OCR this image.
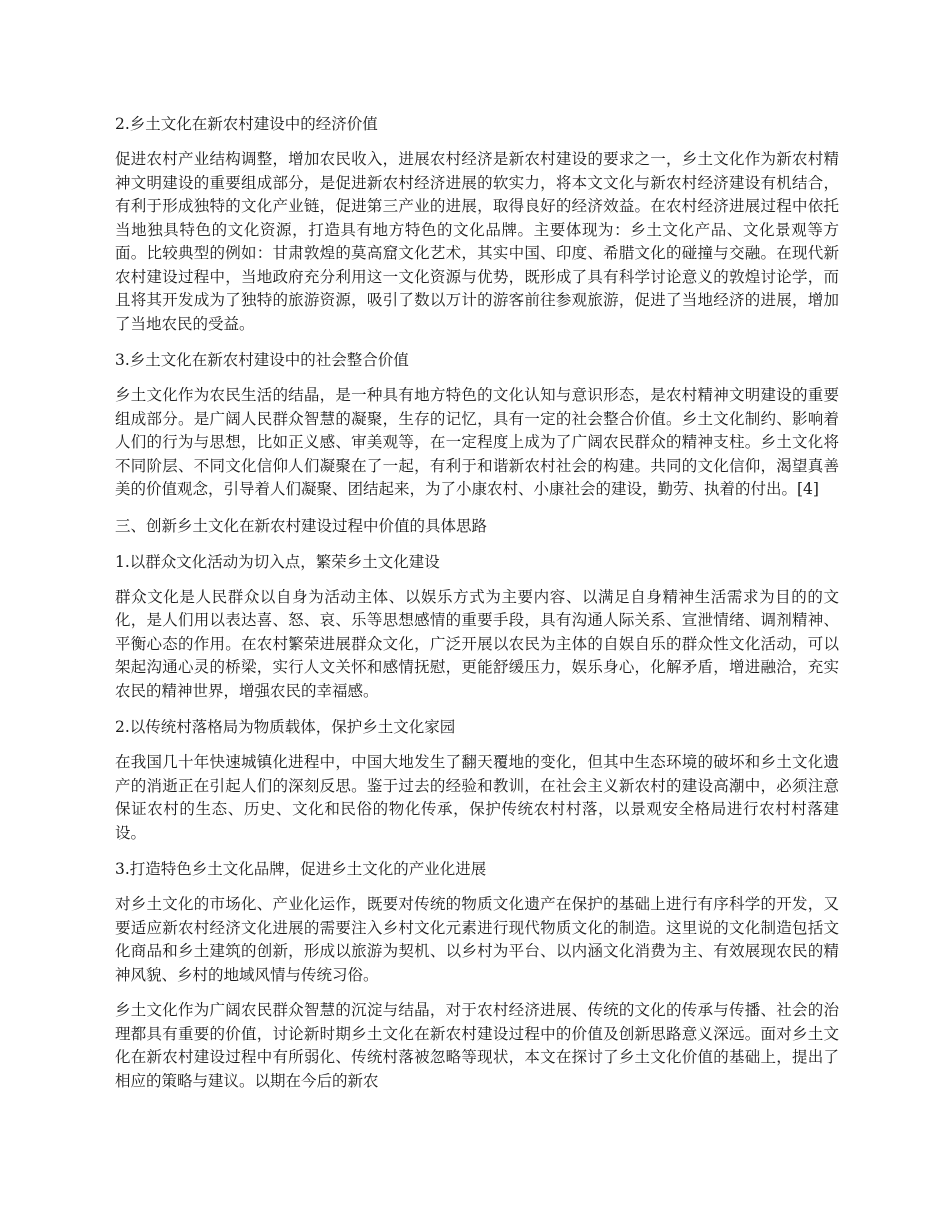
2.乡土文化在新农村建设中的经济价值
促进农村产业结构调整，增加农民收入，进展农村经济是新农村建设的要求之一，乡土文化作为新农村精神文明建设的重要组成部分，是促进新农村经济进展的软实力，将本文文化与新农村经济建设有机结合，有利于形成独特的文化产业链，促进第三产业的进展，取得良好的经济效益。在农村经济进展过程中依托当地独具特色的文化资源，打造具有地方特色的文化品牌。主要体现为：乡土文化产品、文化景观等方面。比较典型的例如：甘肃敦煌的莫高窟文化艺术，其实中国、印度、希腊文化的碰撞与交融。在现代新农村建设过程中，当地政府充分利用这一文化资源与优势，既形成了具有科学讨论意义的敦煌讨论学，而且将其开发成为了独特的旅游资源，吸引了数以万计的游客前往参观旅游，促进了当地经济的进展，增加了当地农民的受益。
3.乡土文化在新农村建设中的社会整合价值
乡土文化作为农民生活的结晶，是一种具有地方特色的文化认知与意识形态，是农村精神文明建设的重要组成部分。是广阔人民群众智慧的凝聚，生存的记忆，具有一定的社会整合价值。乡土文化制约、影响着人们的行为与思想，比如正义感、审美观等，在一定程度上成为了广阔农民群众的精神支柱。乡土文化将不同阶层、不同文化信仰人们凝聚在了一起，有利于和谐新农村社会的构建。共同的文化信仰，渴望真善美的价值观念，引导着人们凝聚、团结起来，为了小康农村、小康社会的建设，勤劳、执着的付出。[4]
三、创新乡土文化在新农村建设过程中价值的具体思路
1.以群众文化活动为切入点，繁荣乡土文化建设
群众文化是人民群众以自身为活动主体、以娱乐方式为主要内容、以满足自身精神生活需求为目的的文化，是人们用以表达喜、怒、哀、乐等思想感情的重要手段，具有沟通人际关系、宣泄情绪、调剂精神、平衡心态的作用。在农村繁荣进展群众文化，广泛开展以农民为主体的自娱自乐的群众性文化活动，可以架起沟通心灵的桥梁，实行人文关怀和感情抚慰，更能舒缓压力，娱乐身心，化解矛盾，增进融洽，充实农民的精神世界，增强农民的幸福感。
2.以传统村落格局为物质载体，保护乡土文化家园
在我国几十年快速城镇化进程中，中国大地发生了翻天覆地的变化，但其中生态环境的破坏和乡土文化遗产的消逝正在引起人们的深刻反思。鉴于过去的经验和教训，在社会主义新农村的建设高潮中，必须注意保证农村的生态、历史、文化和民俗的物化传承，保护传统农村村落，以景观安全格局进行农村村落建设。
3.打造特色乡土文化品牌，促进乡土文化的产业化进展
对乡土文化的市场化、产业化运作，既要对传统的物质文化遗产在保护的基础上进行有序科学的开发，又要适应新农村经济文化进展的需要注入乡村文化元素进行现代物质文化的制造。这里说的文化制造包括文化商品和乡土建筑的创新，形成以旅游为契机、以乡村为平台、以内涵文化消费为主、有效展现农民的精神风貌、乡村的地域风情与传统习俗。
乡土文化作为广阔农民群众智慧的沉淀与结晶，对于农村经济进展、传统的文化的传承与传播、社会的治理都具有重要的价值，讨论新时期乡土文化在新农村建设过程中的价值及创新思路意义深远。面对乡土文化在新农村建设过程中有所弱化、传统村落被忽略等现状，本文在探讨了乡土文化价值的基础上，提出了相应的策略与建议。以期在今后的新农
